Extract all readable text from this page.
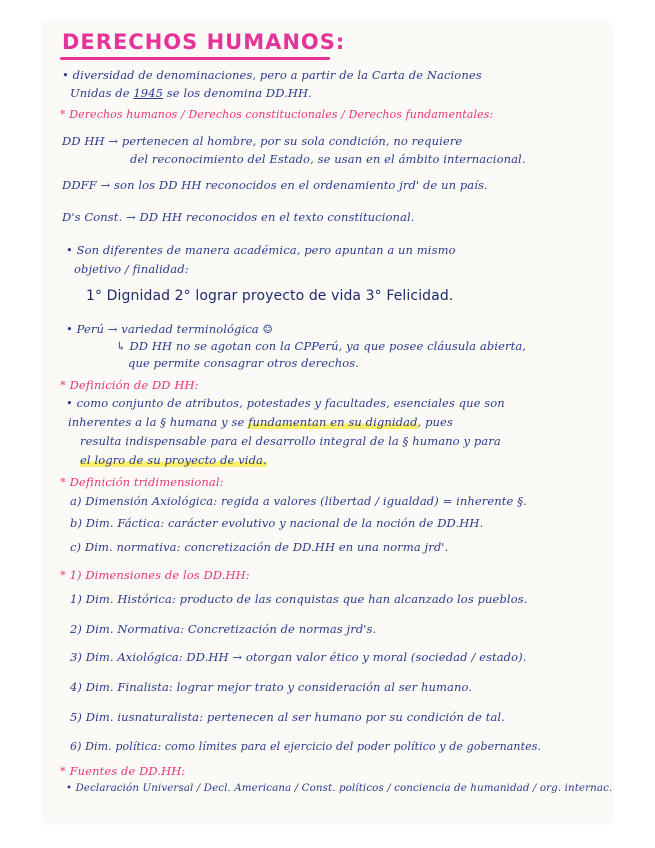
DERECHOS HUMANOS:
• diversidad de denominaciones, pero a partir de la Carta de Naciones
Unidas de 1945 se los denomina DD.HH.
* Derechos humanos / Derechos constitucionales / Derechos fundamentales:
DD HH → pertenecen al hombre, por su sola condición, no requiere
del reconocimiento del Estado, se usan en el ámbito internacional.
DDFF → son los DD HH reconocidos en el ordenamiento jrd' de un país.
D's Const. → DD HH reconocidos en el texto constitucional.
• Son diferentes de manera académica, pero apuntan a un mismo
objetivo / finalidad:
1° Dignidad 2° lograr proyecto de vida 3° Felicidad.
• Perú → variedad terminológica ☺
↳ DD HH no se agotan con la CPPerú, ya que posee cláusula abierta,
que permite consagrar otros derechos.
* Definición de DD HH:
• como conjunto de atributos, potestades y facultades, esenciales que son
inherentes a la § humana y se fundamentan en su dignidad, pues
resulta indispensable para el desarrollo integral de la § humano y para
el logro de su proyecto de vida.
* Definición tridimensional:
a) Dimensión Axiológica: regida a valores (libertad / igualdad) = inherente §.
b) Dim. Fáctica: carácter evolutivo y nacional de la noción de DD.HH.
c) Dim. normativa: concretización de DD.HH en una norma jrd'.
* 1) Dimensiones de los DD.HH:
1) Dim. Histórica: producto de las conquistas que han alcanzado los pueblos.
2) Dim. Normativa: Concretización de normas jrd's.
3) Dim. Axiológica: DD.HH → otorgan valor ético y moral (sociedad / estado).
4) Dim. Finalista: lograr mejor trato y consideración al ser humano.
5) Dim. iusnaturalista: pertenecen al ser humano por su condición de tal.
6) Dim. política: como límites para el ejercicio del poder político y de gobernantes.
* Fuentes de DD.HH:
• Declaración Universal / Decl. Americana / Const. políticos / conciencia de humanidad / org. internac.
